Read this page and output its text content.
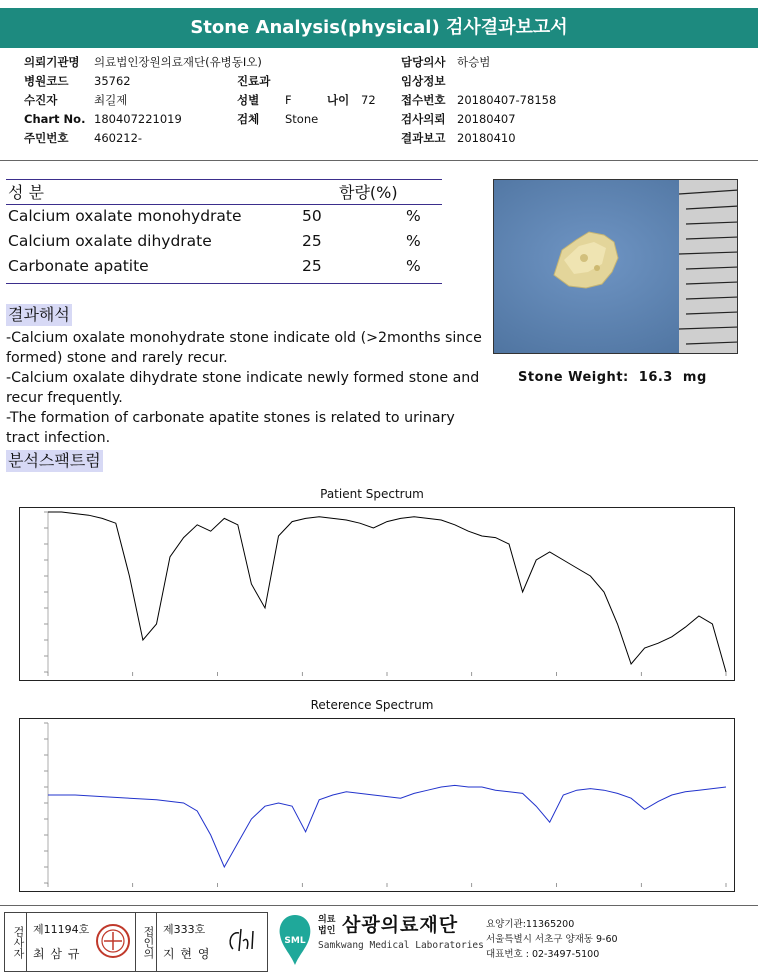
Stone Analysis(physical) 검사결과보고서
의뢰기관명 의료법인장원의료재단(유병동I오)
병원코드 35762
수진자	최길제
Chart No. 180407221019
주민번호 460212-
진료과
성별 F	나이 72
검체 Stone
담당의사 하승범
임상정보
접수번호 20180407-78158
검사의뢰 20180407
결과보고 20180410
성 분	함량(%)
Calcium oxalate monohydrate	50	%
Calcium oxalate dihydrate	25	%
Carbonate apatite	25	%
Stone Weight:  16.3  mg
결과해석
-Calcium oxalate monohydrate stone indicate old (>2months since formed) stone and rarely recur.
-Calcium oxalate dihydrate stone indicate newly formed stone and recur frequently.
-The formation of carbonate apatite stones is related to urinary tract infection.
분석스팩트럼
Patient Spectrum
Reterence Spectrum
검사자 제11194호
최 삼 규	접인의 제333호
지 현 영
SML
의료법인 삼광의료재단
Samkwang Medical Laboratories
요양기관:11365200
서울특별시 서초구 양재동 9-60
대표번호 : 02-3497-5100
